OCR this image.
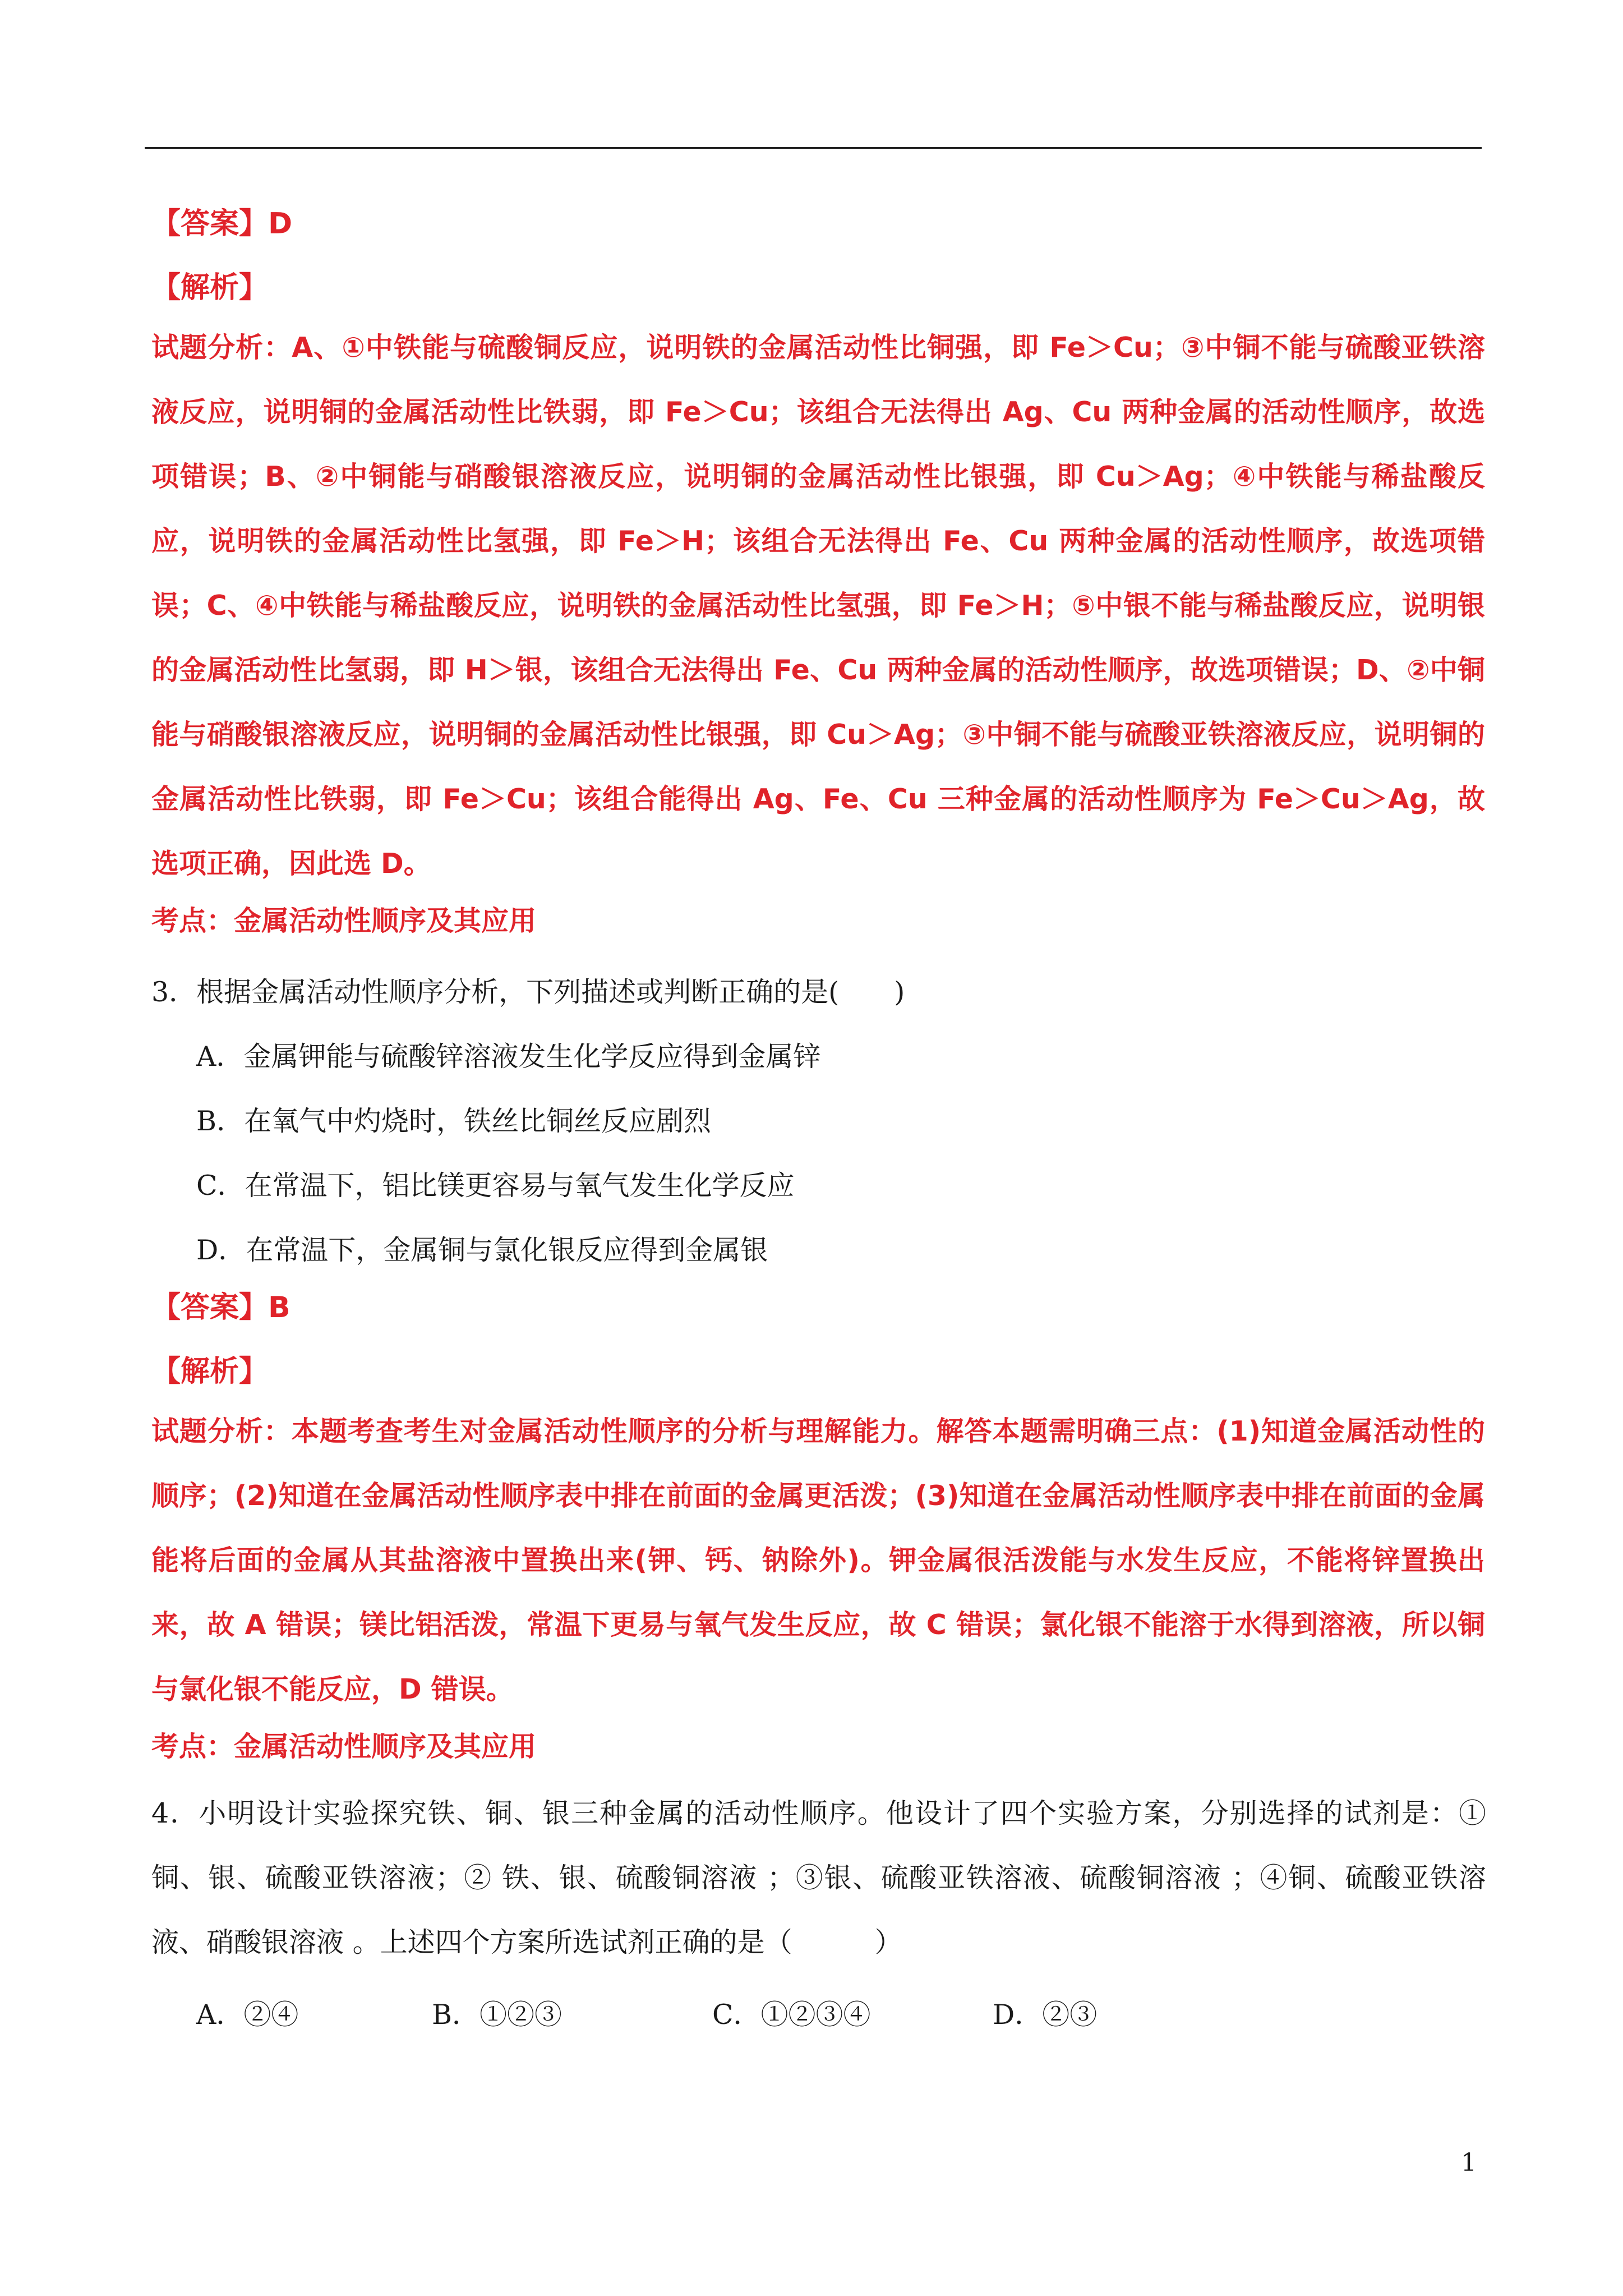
【答案】D
【解析】

试题分析：A、①中铁能与硫酸铜反应，说明铁的金属活动性比铜强，即 Fe＞Cu；③中铜不能与硫酸亚铁溶液反应，说明铜的金属活动性比铁弱，即 Fe＞Cu；该组合无法得出 Ag、Cu 两种金属的活动性顺序，故选项错误；B、②中铜能与硝酸银溶液反应，说明铜的金属活动性比银强，即 Cu＞Ag；④中铁能与稀盐酸反应，说明铁的金属活动性比氢强，即 Fe＞H；该组合无法得出 Fe、Cu 两种金属的活动性顺序，故选项错误；C、④中铁能与稀盐酸反应，说明铁的金属活动性比氢强，即 Fe＞H；⑤中银不能与稀盐酸反应，说明银的金属活动性比氢弱，即 H＞银，该组合无法得出 Fe、Cu 两种金属的活动性顺序，故选项错误；D、②中铜能与硝酸银溶液反应，说明铜的金属活动性比银强，即 Cu＞Ag；③中铜不能与硫酸亚铁溶液反应，说明铜的金属活动性比铁弱，即 Fe＞Cu；该组合能得出 Ag、Fe、Cu 三种金属的活动性顺序为 Fe＞Cu＞Ag，故选项正确，因此选 D。

考点：金属活动性顺序及其应用

3．根据金属活动性顺序分析，下列描述或判断正确的是(　　)

A．金属钾能与硫酸锌溶液发生化学反应得到金属锌
B．在氧气中灼烧时，铁丝比铜丝反应剧烈
C．在常温下，铝比镁更容易与氧气发生化学反应
D．在常温下，金属铜与氯化银反应得到金属银
【答案】B
【解析】

试题分析：本题考查考生对金属活动性顺序的分析与理解能力。解答本题需明确三点：(1)知道金属活动性的顺序；(2)知道在金属活动性顺序表中排在前面的金属更活泼；(3)知道在金属活动性顺序表中排在前面的金属能将后面的金属从其盐溶液中置换出来(钾、钙、钠除外)。钾金属很活泼能与水发生反应，不能将锌置换出来，故 A 错误；镁比铝活泼，常温下更易与氧气发生反应，故 C 错误；氯化银不能溶于水得到溶液，所以铜与氯化银不能反应，D 错误。

考点：金属活动性顺序及其应用

4．小明设计实验探究铁、铜、银三种金属的活动性顺序。他设计了四个实验方案，分别选择的试剂是：①铜、银、硫酸亚铁溶液；② 铁、银、硫酸铜溶液 ；③银、硫酸亚铁溶液、硫酸铜溶液 ；④铜、硫酸亚铁溶液、硝酸银溶液 。上述四个方案所选试剂正确的是（　　　）

A．②④	B．①②③	C．①②③④	D．②③
1
